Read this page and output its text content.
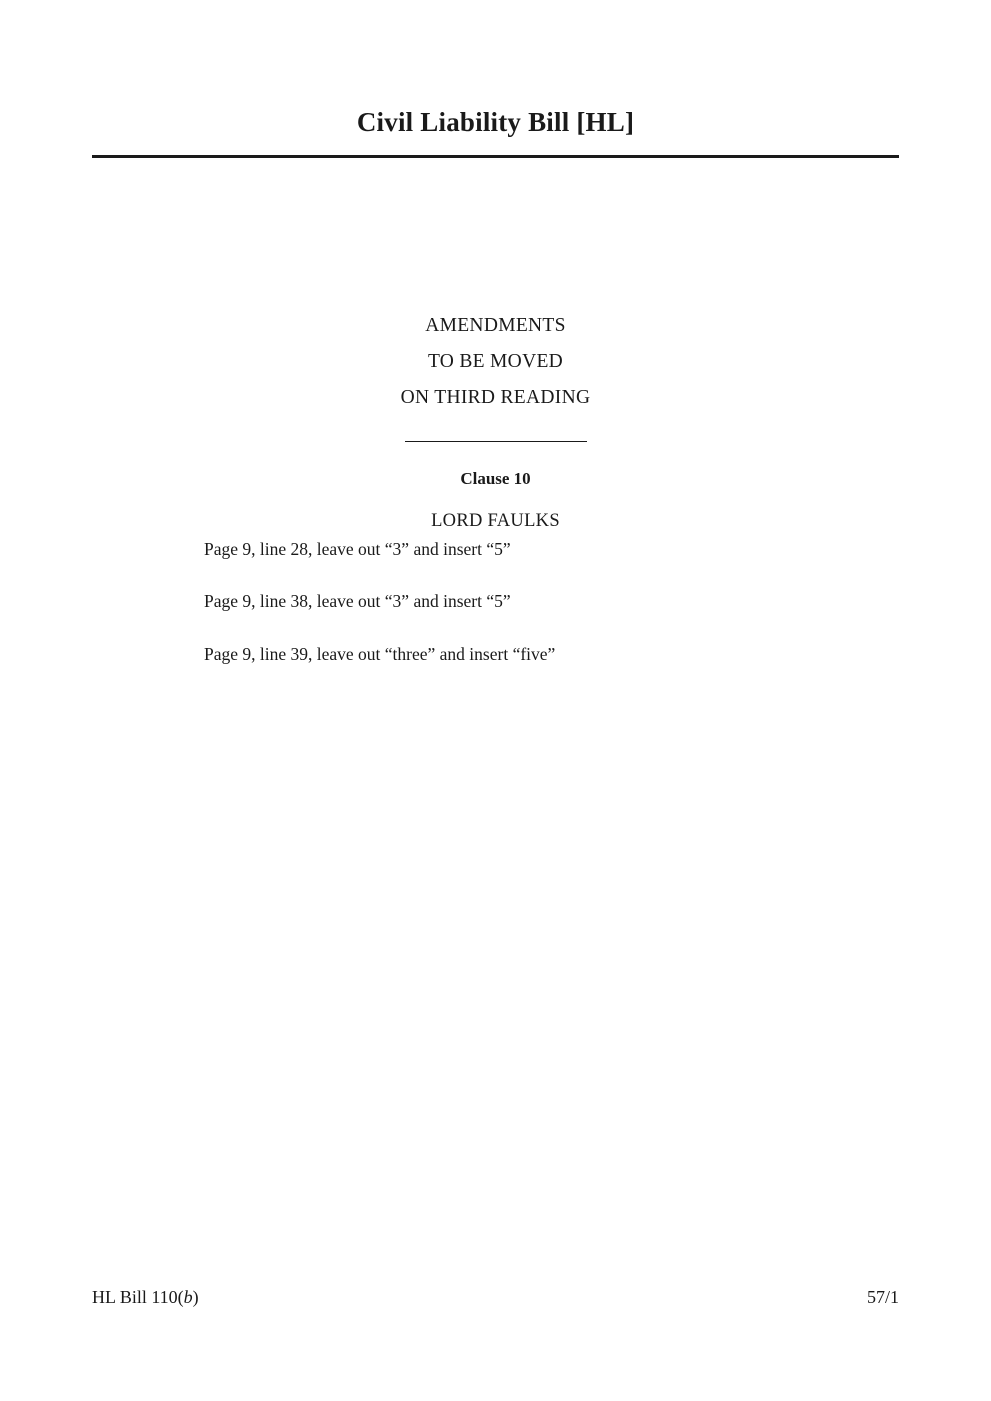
Civil Liability Bill [HL]
AMENDMENTS
TO BE MOVED
ON THIRD READING
Clause 10
LORD FAULKS

Page 9, line 28, leave out “3” and insert “5”

Page 9, line 38, leave out “3” and insert “5”

Page 9, line 39, leave out “three” and insert “five”

HL Bill 110(b)	57/1
